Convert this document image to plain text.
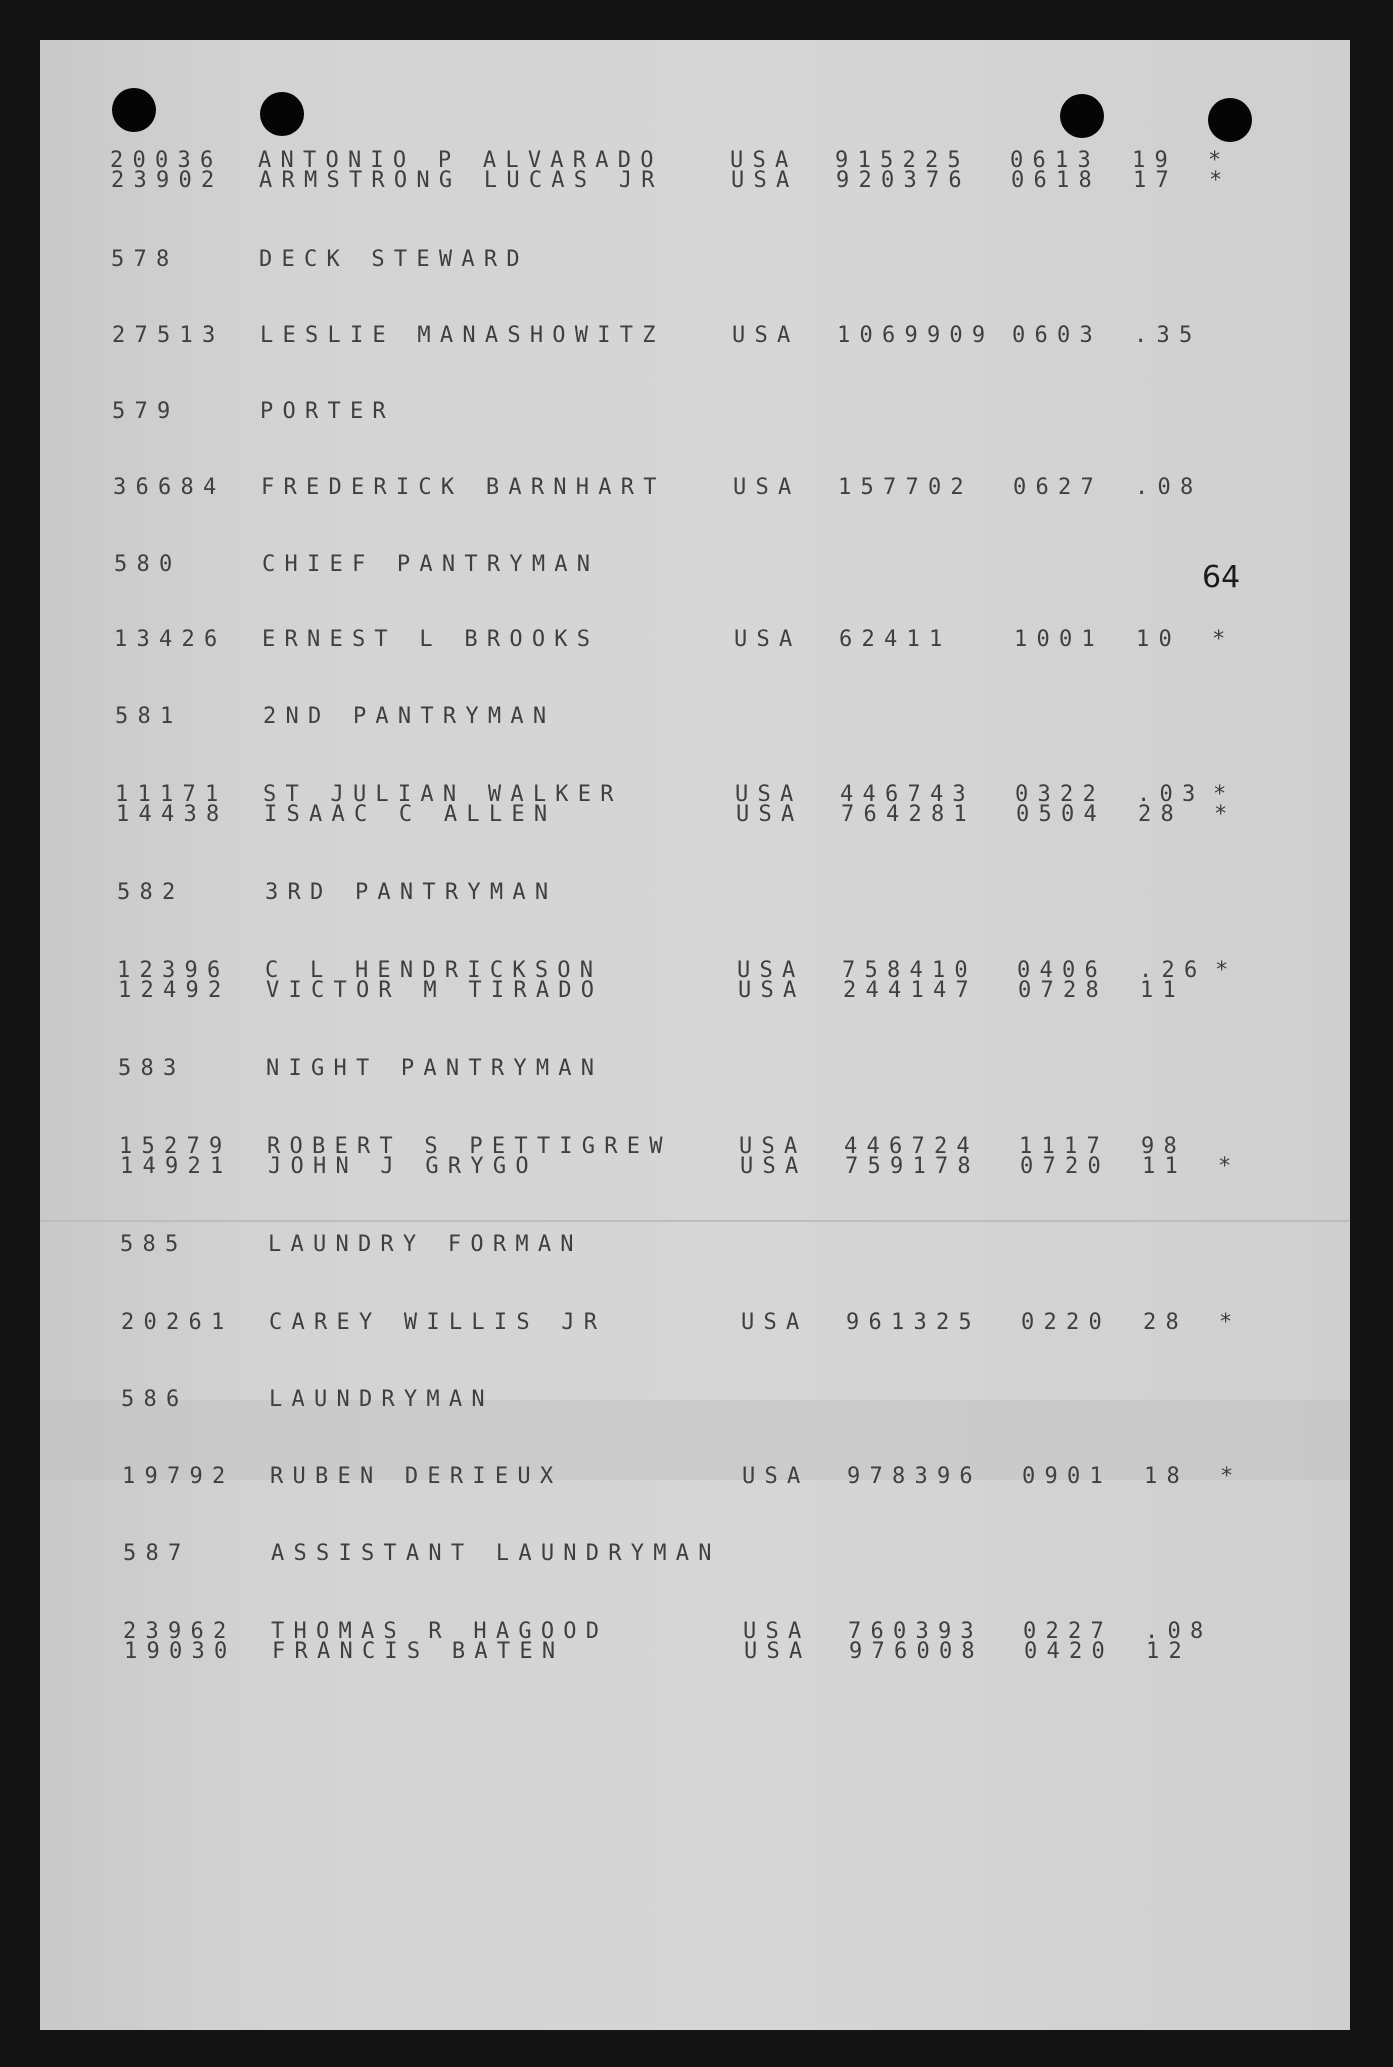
64
20036 ANTONIO P ALVARADO	USA 915225 0613 19 *
23902 ARMSTRONG LUCAS JR	USA 920376 0618 17 *
578	DECK STEWARD
27513 LESLIE MANASHOWITZ	USA 1069909 0603 .35
579	PORTER
36684 FREDERICK BARNHART	USA 157702 0627 .08
580	CHIEF PANTRYMAN
13426 ERNEST L BROOKS	USA 62411	1001 10 *
581	2ND PANTRYMAN
11171 ST JULIAN WALKER	USA 446743 0322 .03 *
14438 ISAAC C ALLEN	USA 764281 0504 28 *
582	3RD PANTRYMAN
12396 C L HENDRICKSON	USA 758410 0406 .26 *
12492 VICTOR M TIRADO	USA 244147 0728 11
583	NIGHT PANTRYMAN
15279 ROBERT S PETTIGREW	USA 446724 1117 98
14921 JOHN J GRYGO	USA 759178 0720 11 *
585	LAUNDRY FORMAN
20261 CAREY WILLIS JR	USA 961325 0220 28 *
586	LAUNDRYMAN
19792 RUBEN DERIEUX	USA 978396 0901 18 *
587	ASSISTANT LAUNDRYMAN
23962 THOMAS R HAGOOD	USA 760393 0227 .08
19030 FRANCIS BATEN	USA 976008 0420 12
